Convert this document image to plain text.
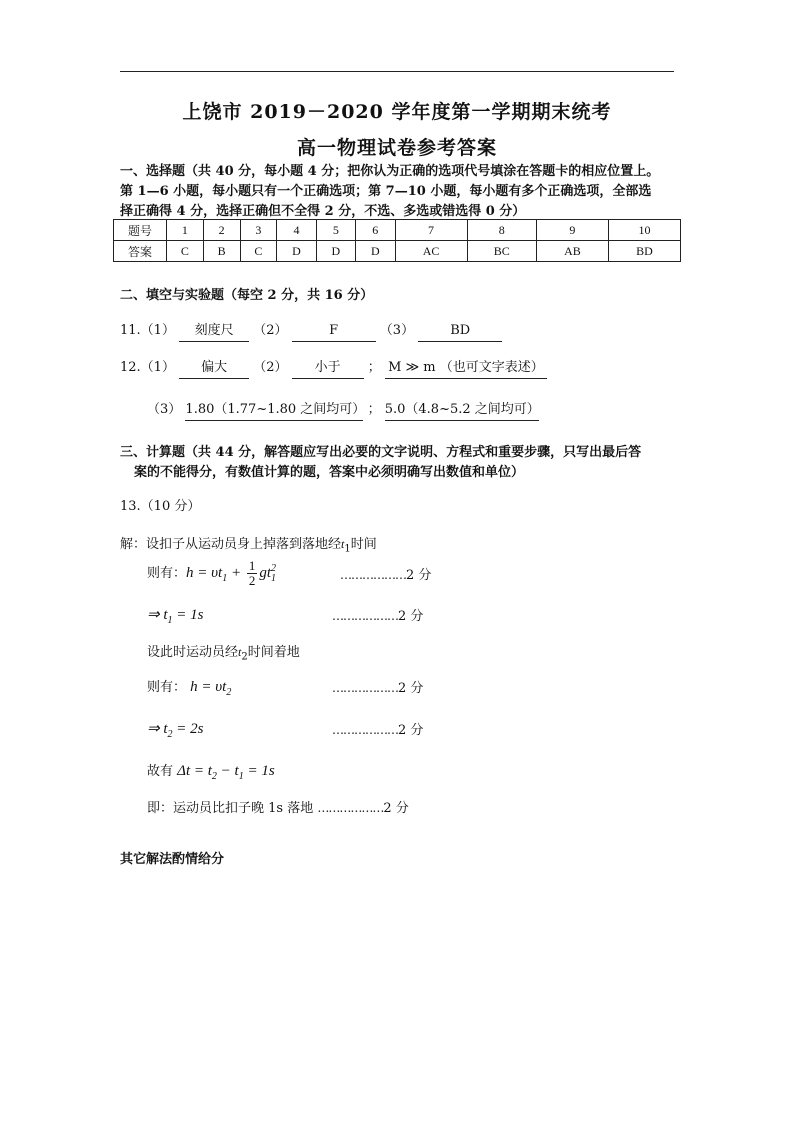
上饶市 2019－2020 学年度第一学期期末统考
高一物理试卷参考答案
一、选择题（共 40 分，每小题 4 分；把你认为正确的选项代号填涂在答题卡的相应位置上。
第 1—6 小题，每小题只有一个正确选项；第 7—10 小题，每小题有多个正确选项，全部选
择正确得 4 分，选择正确但不全得 2 分，不选、多选或错选得 0 分）
题号	1	2	3	4	5	6	7	8	9	10
答案	C	B	C	D	D	D	AC	BC	AB	BD
二、填空与实验题（每空 2 分，共 16 分）
11.（1） 刻度尺 （2）	F	（3）	BD
12.（1） 偏大 （2） 小于 ； M ≫ m （也可文字表述）
（3） 1.80（1.77~1.80 之间均可） ； 5.0（4.8~5.2 之间均可）
三、计算题（共 44 分，解答题应写出必要的文字说明、方程式和重要步骤，只写出最后答
案的不能得分，有数值计算的题，答案中必须明确写出数值和单位）
13.（10 分）
解：设扣子从运动员身上掉落到落地经$t_1$时间
则有： $h = \upsilon t_1 + \frac{1}{2} gt_1^2$	………………2 分
⇒ $t_1 = 1s$	………………2 分
设此时运动员经$t_2$时间着地
则有： $h = \upsilon t_2$	………………2 分
⇒ $t_2 = 2s$	………………2 分
故有 $\Delta t = t_2 - t_1 = 1s$
即：运动员比扣子晚 1s 落地 ………………2 分
其它解法酌情给分
